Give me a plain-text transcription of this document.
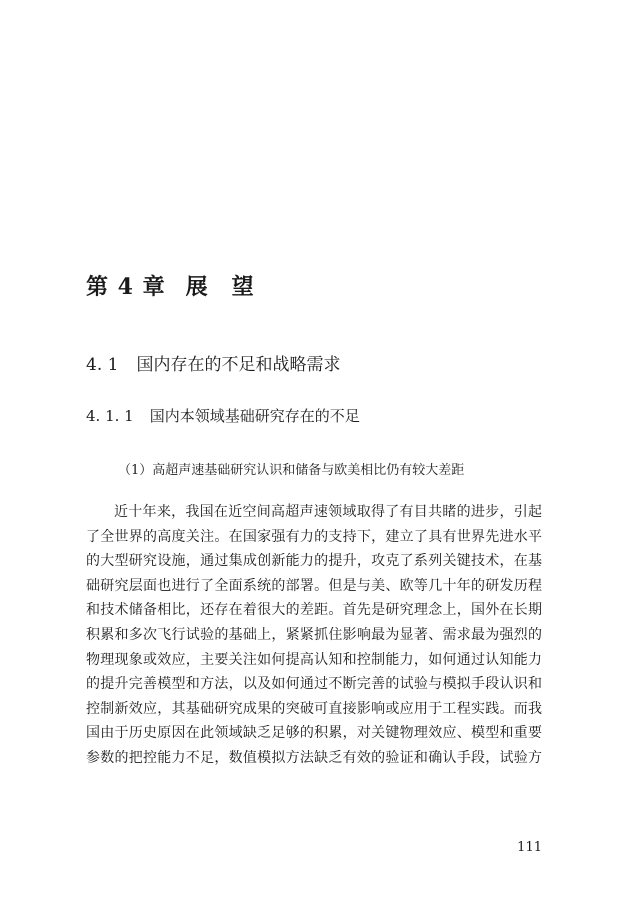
第 4 章 展　望
4. 1 国内存在的不足和战略需求
4. 1. 1 国内本领域基础研究存在的不足
（1）高超声速基础研究认识和储备与欧美相比仍有较大差距
近十年来，我国在近空间高超声速领域取得了有目共睹的进步，引起
了全世界的高度关注。在国家强有力的支持下，建立了具有世界先进水平
的大型研究设施，通过集成创新能力的提升，攻克了系列关键技术，在基
础研究层面也进行了全面系统的部署。但是与美、欧等几十年的研发历程
和技术储备相比，还存在着很大的差距。首先是研究理念上，国外在长期
积累和多次飞行试验的基础上，紧紧抓住影响最为显著、需求最为强烈的
物理现象或效应，主要关注如何提高认知和控制能力，如何通过认知能力
的提升完善模型和方法，以及如何通过不断完善的试验与模拟手段认识和
控制新效应，其基础研究成果的突破可直接影响或应用于工程实践。而我
国由于历史原因在此领域缺乏足够的积累，对关键物理效应、模型和重要
参数的把控能力不足，数值模拟方法缺乏有效的验证和确认手段，试验方
111
